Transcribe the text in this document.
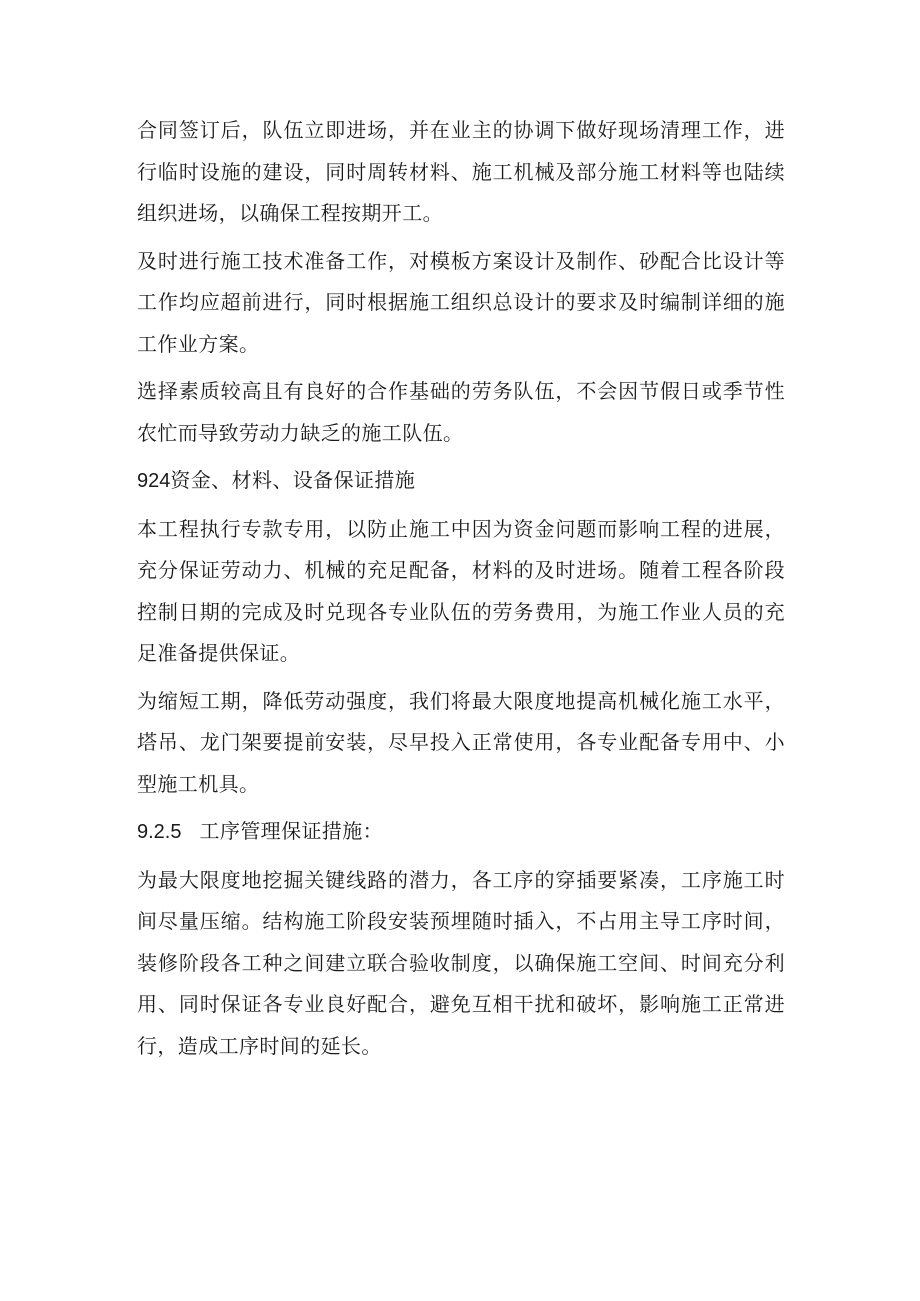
合同签订后，队伍立即进场，并在业主的协调下做好现场清理工作，进行临时设施的建设，同时周转材料、施工机械及部分施工材料等也陆续组织进场，以确保工程按期开工。

及时进行施工技术准备工作，对模板方案设计及制作、砂配合比设计等工作均应超前进行，同时根据施工组织总设计的要求及时编制详细的施工作业方案。

选择素质较高且有良好的合作基础的劳务队伍，不会因节假日或季节性农忙而导致劳动力缺乏的施工队伍。

924资金、材料、设备保证措施

本工程执行专款专用，以防止施工中因为资金问题而影响工程的进展，充分保证劳动力、机械的充足配备，材料的及时进场。随着工程各阶段控制日期的完成及时兑现各专业队伍的劳务费用，为施工作业人员的充足准备提供保证。

为缩短工期，降低劳动强度，我们将最大限度地提高机械化施工水平，塔吊、龙门架要提前安装，尽早投入正常使用，各专业配备专用中、小型施工机具。

9.2.5 工序管理保证措施：

为最大限度地挖掘关键线路的潜力，各工序的穿插要紧凑，工序施工时间尽量压缩。结构施工阶段安装预埋随时插入，不占用主导工序时间，装修阶段各工种之间建立联合验收制度，以确保施工空间、时间充分利用、同时保证各专业良好配合，避免互相干扰和破坏，影响施工正常进行，造成工序时间的延长。
